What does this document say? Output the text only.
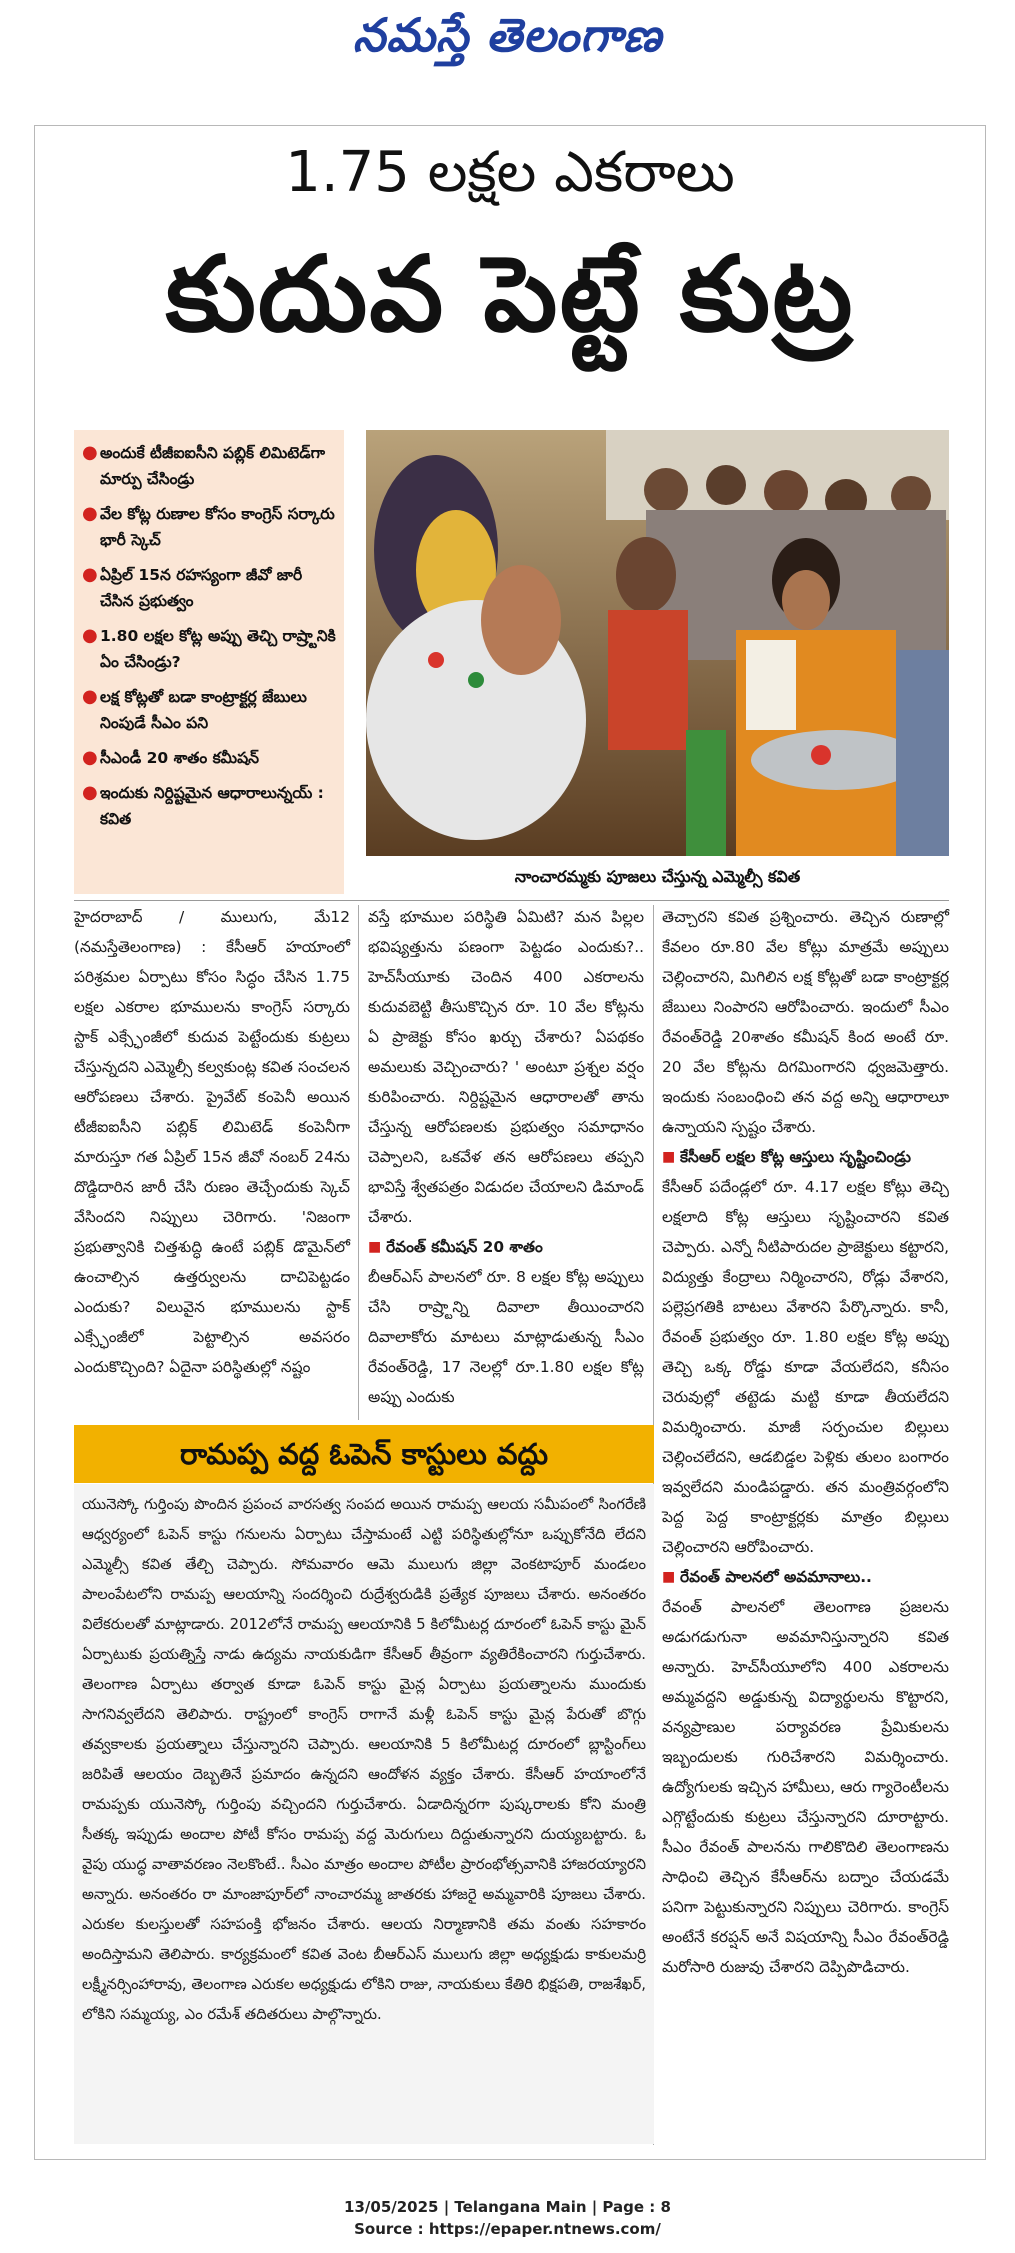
నమస్తే తెలంగాణ
1.75 లక్షల ఎకరాలు
కుదువ పెట్టే కుట్ర
● అందుకే టీజీఐఐసీని పబ్లిక్ లిమిటెడ్‌గా మార్పు చేసిండ్రు
● వేల కోట్ల రుణాల కోసం కాంగ్రెస్ సర్కారు భారీ స్కెచ్
● ఏప్రిల్ 15న రహస్యంగా జీవో జారీ చేసిన ప్రభుత్వం
● 1.80 లక్షల కోట్ల అప్పు తెచ్చి రాష్ర్టానికి ఏం చేసిండ్రు?
● లక్ష కోట్లతో బడా కాంట్రాక్టర్ల జేబులు నింపుడే సీఎం పని
● సీఎండీ 20 శాతం కమీషన్
● ఇందుకు నిర్దిష్టమైన ఆధారాలున్నయ్ : కవిత
నాంచారమ్మకు పూజలు చేస్తున్న ఎమ్మెల్సీ కవిత

హైదరాబాద్ / ములుగు, మే12 (నమస్తేతెలంగాణ) : కేసీఆర్ హయాంలో పరిశ్రమల ఏర్పాటు కోసం సిద్ధం చేసిన 1.75 లక్షల ఎకరాల భూములను కాంగ్రెస్ సర్కారు స్టాక్ ఎక్స్ఛేంజీలో కుదువ పెట్టేందుకు కుట్రలు చేస్తున్నదని ఎమ్మెల్సీ కల్వకుంట్ల కవిత సంచలన ఆరోపణలు చేశారు. ప్రైవేట్ కంపెనీ అయిన టీజీఐఐసీని పబ్లిక్ లిమిటెడ్ కంపెనీగా మారుస్తూ గత ఏప్రిల్ 15న జీవో నంబర్ 24ను దొడ్డిదారిన జారీ చేసి రుణం తెచ్చేందుకు స్కెచ్ వేసిందని నిప్పులు చెరిగారు. 'నిజంగా ప్రభుత్వానికి చిత్తశుద్ధి ఉంటే పబ్లిక్ డొమైన్‌లో ఉంచాల్సిన ఉత్తర్వులను దాచిపెట్టడం ఎందుకు? విలువైన భూములను స్టాక్ ఎక్స్ఛేంజీలో పెట్టాల్సిన అవసరం ఎందుకొచ్చింది? ఏదైనా పరిస్థితుల్లో నష్టం

వస్తే భూముల పరిస్థితి ఏమిటి? మన పిల్లల భవిష్యత్తును పణంగా పెట్టడం ఎందుకు?.. హెచ్‌సీయూకు చెందిన 400 ఎకరాలను కుదువబెట్టి తీసుకొచ్చిన రూ. 10 వేల కోట్లను ఏ ప్రాజెక్టు కోసం ఖర్చు చేశారు? ఏపథకం అమలుకు వెచ్చించారు? ' అంటూ ప్రశ్నల వర్షం కురిపించారు. నిర్దిష్టమైన ఆధారాలతో తాను చేస్తున్న ఆరోపణలకు ప్రభుత్వం సమాధానం చెప్పాలని, ఒకవేళ తన ఆరోపణలు తప్పని భావిస్తే శ్వేతపత్రం విడుదల చేయాలని డిమాండ్ చేశారు.

■ రేవంత్ కమీషన్ 20 శాతం

బీఆర్ఎస్ పాలనలో రూ. 8 లక్షల కోట్ల అప్పులు చేసి రాష్ర్టాన్ని దివాలా తీయించారని దివాలాకోరు మాటలు మాట్లాడుతున్న సీఎం రేవంత్‌రెడ్డి, 17 నెలల్లో రూ.1.80 లక్షల కోట్ల అప్పు ఎందుకు

తెచ్చారని కవిత ప్రశ్నించారు. తెచ్చిన రుణాల్లో కేవలం రూ.80 వేల కోట్లు మాత్రమే అప్పులు చెల్లించారని, మిగిలిన లక్ష కోట్లతో బడా కాంట్రాక్టర్ల జేబులు నింపారని ఆరోపించారు. ఇందులో సీఎం రేవంత్‌రెడ్డి 20శాతం కమీషన్ కింద అంటే రూ. 20 వేల కోట్లను దిగమింగారని ధ్వజమెత్తారు. ఇందుకు సంబంధించి తన వద్ద అన్ని ఆధారాలూ ఉన్నాయని స్పష్టం చేశారు.

■ కేసీఆర్ లక్షల కోట్ల ఆస్తులు సృష్టించిండ్రు

కేసీఆర్ పదేండ్లలో రూ. 4.17 లక్షల కోట్లు తెచ్చి లక్షలాది కోట్ల ఆస్తులు సృష్టించారని కవిత చెప్పారు. ఎన్నో నీటిపారుదల ప్రాజెక్టులు కట్టారని, విద్యుత్తు కేంద్రాలు నిర్మించారని, రోడ్లు వేశారని, పల్లెప్రగతికి బాటలు వేశారని పేర్కొన్నారు. కానీ, రేవంత్ ప్రభుత్వం రూ. 1.80 లక్షల కోట్ల అప్పు తెచ్చి ఒక్క రోడ్డు కూడా వేయలేదని, కనీసం చెరువుల్లో తట్టెడు మట్టి కూడా తీయలేదని విమర్శించారు. మాజీ సర్పంచుల బిల్లులు చెల్లించలేదని, ఆడబిడ్డల పెళ్లికు తులం బంగారం ఇవ్వలేదని మండిపడ్డారు. తన మంత్రివర్గంలోని పెద్ద పెద్ద కాంట్రాక్టర్లకు మాత్రం బిల్లులు చెల్లించారని ఆరోపించారు.

■ రేవంత్ పాలనలో అవమానాలు..

రేవంత్ పాలనలో తెలంగాణ ప్రజలను అడుగడుగునా అవమానిస్తున్నారని కవిత అన్నారు. హెచ్‌సీయూలోని 400 ఎకరాలను అమ్మవద్దని అడ్డుకున్న విద్యార్థులను కొట్టారని, వన్యప్రాణుల పర్యావరణ ప్రేమికులను ఇబ్బందులకు గురిచేశారని విమర్శించారు. ఉద్యోగులకు ఇచ్చిన హామీలు, ఆరు గ్యారెంటీలను ఎగ్గొట్టేందుకు కుట్రలు చేస్తున్నారని దూరాట్టారు. సీఎం రేవంత్ పాలనను గాలికొదిలి తెలంగాణను సాధించి తెచ్చిన కేసీఆర్‌ను బద్నాం చేయడమే పనిగా పెట్టుకున్నారని నిప్పులు చెరిగారు. కాంగ్రెస్ అంటేనే కరప్షన్ అనే విషయాన్ని సీఎం రేవంత్‌రెడ్డి మరోసారి రుజువు చేశారని దెప్పిపొడిచారు.

రామప్ప వద్ద ఓపెన్ కాస్టులు వద్దు

యునెస్కో గుర్తింపు పొందిన ప్రపంచ వారసత్వ సంపద అయిన రామప్ప ఆలయ సమీపంలో సింగరేణి ఆధ్వర్యంలో ఓపెన్ కాస్టు గనులను ఏర్పాటు చేస్తామంటే ఎట్టి పరిస్థితుల్లోనూ ఒప్పుకోనేది లేదని ఎమ్మెల్సీ కవిత తేల్చి చెప్పారు. సోమవారం ఆమె ములుగు జిల్లా వెంకటాపూర్ మండలం పాలంపేటలోని రామప్ప ఆలయాన్ని సందర్శించి రుద్రేశ్వరుడికి ప్రత్యేక పూజలు చేశారు. అనంతరం విలేకరులతో మాట్లాడారు. 2012లోనే రామప్ప ఆలయానికి 5 కిలోమీటర్ల దూరంలో ఓపెన్ కాస్టు మైన్ ఏర్పాటుకు ప్రయత్నిస్తే నాడు ఉద్యమ నాయకుడిగా కేసీఆర్ తీవ్రంగా వ్యతిరేకించారని గుర్తుచేశారు. తెలంగాణ ఏర్పాటు తర్వాత కూడా ఓపెన్ కాస్టు మైన్ల ఏర్పాటు ప్రయత్నాలను ముందుకు సాగనివ్వలేదని తెలిపారు. రాష్ట్రంలో కాంగ్రెస్ రాగానే మళ్లీ ఓపెన్ కాస్టు మైన్ల పేరుతో బొగ్గు తవ్వకాలకు ప్రయత్నాలు చేస్తున్నారని చెప్పారు. ఆలయానికి 5 కిలోమీటర్ల దూరంలో బ్లాస్టింగ్‌లు జరిపితే ఆలయం దెబ్బతినే ప్రమాదం ఉన్నదని ఆందోళన వ్యక్తం చేశారు. కేసీఆర్ హయాంలోనే రామప్పకు యునెస్కో గుర్తింపు వచ్చిందని గుర్తుచేశారు. ఏడాదిన్నరగా పుష్కరాలకు కోని మంత్రి సీతక్క ఇప్పుడు అందాల పోటీ కోసం రామప్ప వద్ద మెరుగులు దిద్దుతున్నారని దుయ్యబట్టారు. ఓ వైపు యుద్ధ వాతావరణం నెలకొంటే.. సీఎం మాత్రం అందాల పోటీల ప్రారంభోత్సవానికి హాజరయ్యారని అన్నారు. అనంతరం రా మాంజాపూర్‌లో నాంచారమ్మ జాతరకు హాజరై అమ్మవారికి పూజలు చేశారు. ఎరుకల కులస్తులతో సహపంక్తి భోజనం చేశారు. ఆలయ నిర్మాణానికి తమ వంతు సహకారం అందిస్తామని తెలిపారు. కార్యక్రమంలో కవిత వెంట బీఆర్ఎస్ ములుగు జిల్లా అధ్యక్షుడు కాకులమర్రి లక్ష్మీనర్సింహారావు, తెలంగాణ ఎరుకల అధ్యక్షుడు లోకిని రాజు, నాయకులు కేతిరి భిక్షపతి, రాజశేఖర్, లోకిని సమ్మయ్య, ఎం రమేశ్ తదితరులు పాల్గొన్నారు.

13/05/2025 | Telangana Main | Page : 8
Source : https://epaper.ntnews.com/
